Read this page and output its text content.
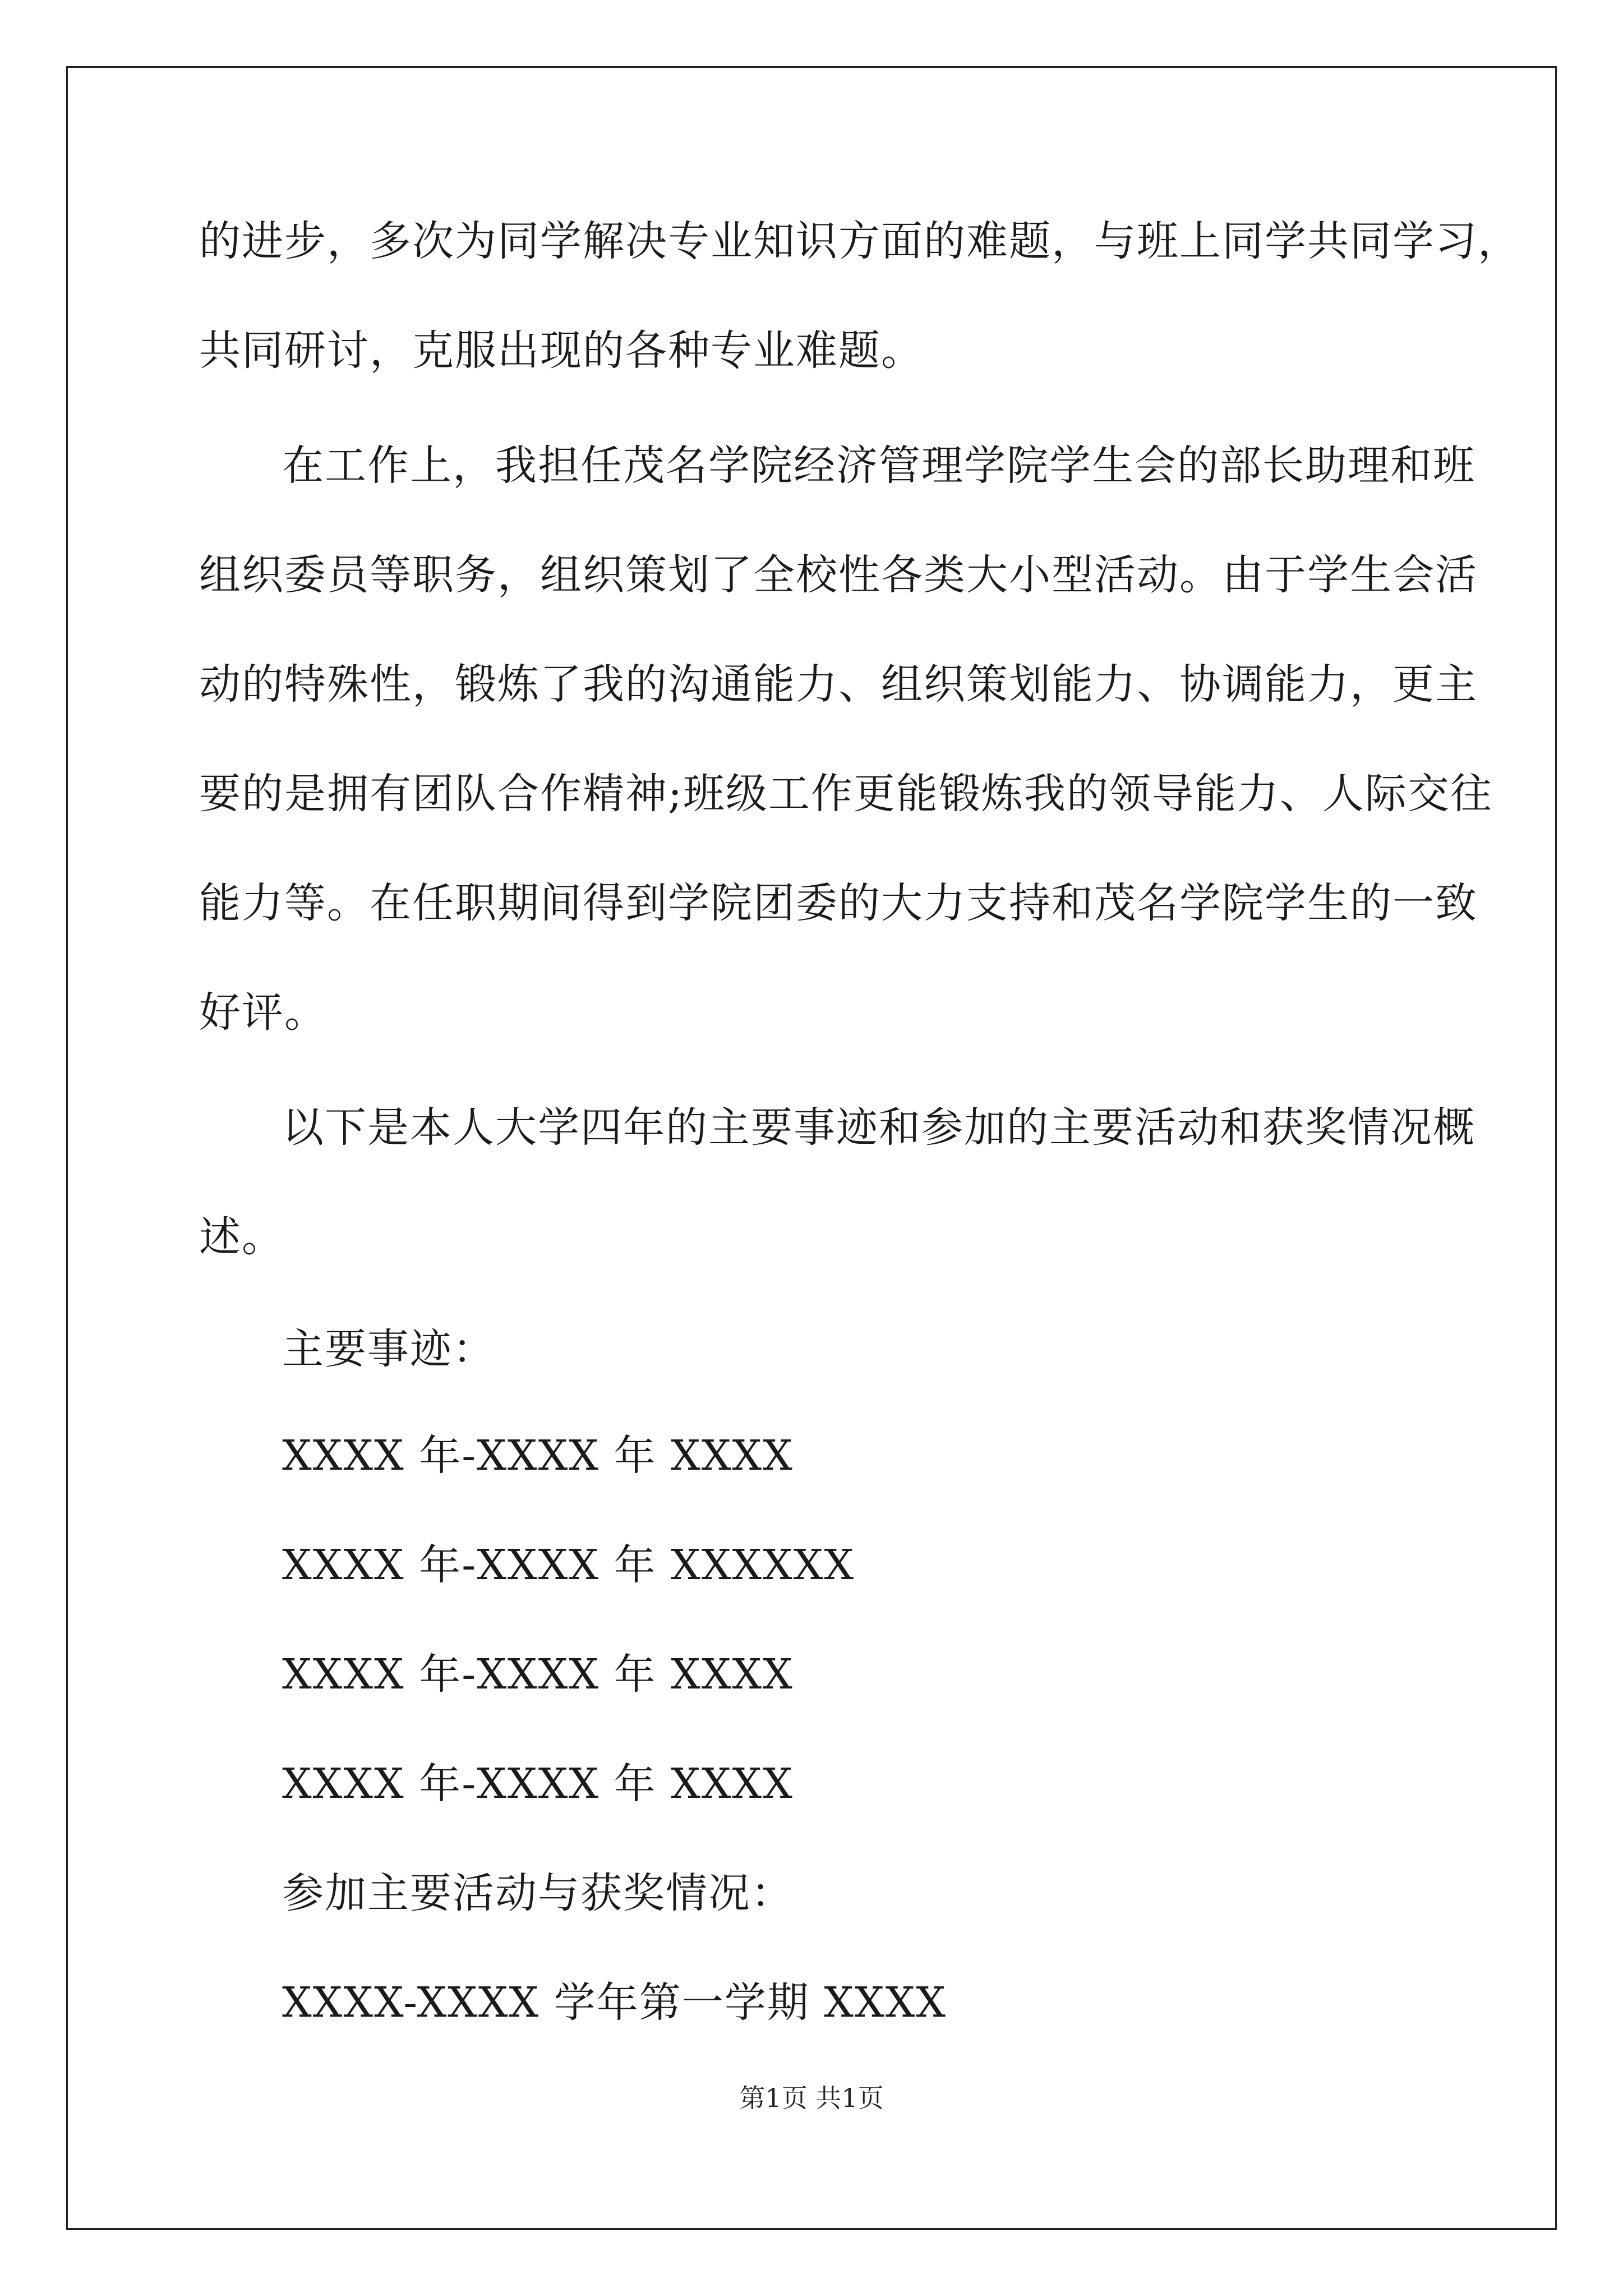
的进步，多次为同学解决专业知识方面的难题，与班上同学共同学习，
共同研讨，克服出现的各种专业难题。
在工作上，我担任茂名学院经济管理学院学生会的部长助理和班
组织委员等职务，组织策划了全校性各类大小型活动。由于学生会活
动的特殊性，锻炼了我的沟通能力、组织策划能力、协调能力，更主
要的是拥有团队合作精神;班级工作更能锻炼我的领导能力、人际交往
能力等。在任职期间得到学院团委的大力支持和茂名学院学生的一致
好评。
以下是本人大学四年的主要事迹和参加的主要活动和获奖情况概
述。
主要事迹：
XXXX 年-XXXX 年 XXXX
XXXX 年-XXXX 年 XXXXXX
XXXX 年-XXXX 年 XXXX
XXXX 年-XXXX 年 XXXX
参加主要活动与获奖情况：
XXXX-XXXX 学年第一学期 XXXX
第1页 共1页
